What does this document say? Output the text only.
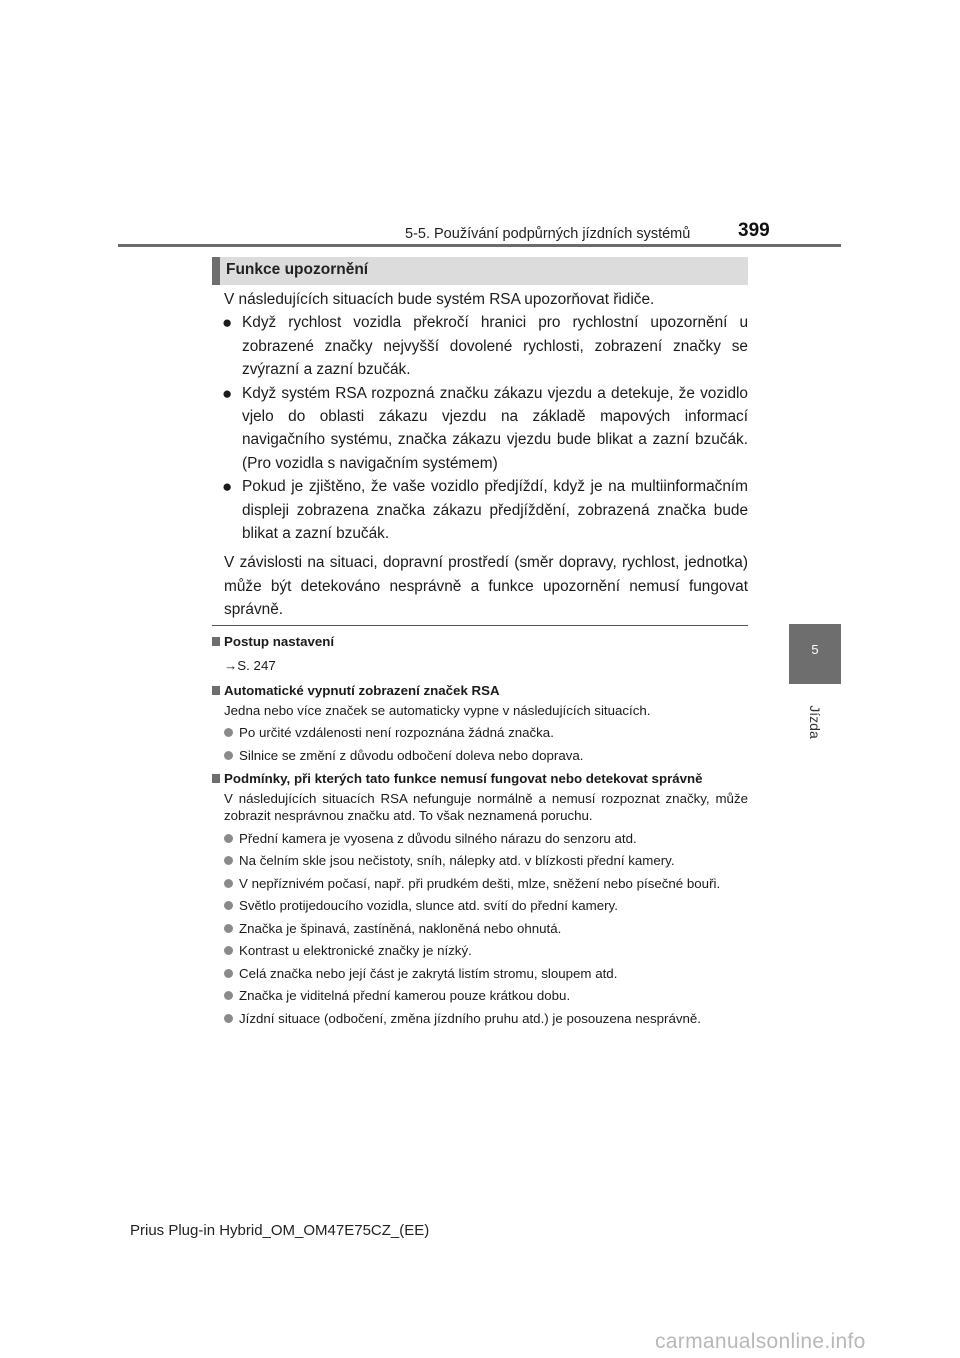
5-5. Používání podpůrných jízdních systémů	399
5
Jízda
Funkce upozornění

V následujících situacích bude systém RSA upozorňovat řidiče.

● Když rychlost vozidla překročí hranici pro rychlostní upozornění u zobrazené značky nejvyšší dovolené rychlosti, zobrazení značky se zvýrazní a zazní bzučák.

● Když systém RSA rozpozná značku zákazu vjezdu a detekuje, že vozidlo vjelo do oblasti zákazu vjezdu na základě mapových informací navigačního systému, značka zákazu vjezdu bude blikat a zazní bzučák. (Pro vozidla s navigačním systémem)

● Pokud je zjištěno, že vaše vozidlo předjíždí, když je na multiinformačním displeji zobrazena značka zákazu předjíždění, zobrazená značka bude blikat a zazní bzučák.

V závislosti na situaci, dopravní prostředí (směr dopravy, rychlost, jednotka) může být detekováno nesprávně a funkce upozornění nemusí fungovat správně.

Postup nastavení
→S. 247
Automatické vypnutí zobrazení značek RSA
Jedna nebo více značek se automaticky vypne v následujících situacích.
Po určité vzdálenosti není rozpoznána žádná značka.
Silnice se změní z důvodu odbočení doleva nebo doprava.
Podmínky, při kterých tato funkce nemusí fungovat nebo detekovat správně
V následujících situacích RSA nefunguje normálně a nemusí rozpoznat značky, může zobrazit nesprávnou značku atd. To však neznamená poruchu.
Přední kamera je vyosena z důvodu silného nárazu do senzoru atd.
Na čelním skle jsou nečistoty, sníh, nálepky atd. v blízkosti přední kamery.
V nepříznivém počasí, např. při prudkém dešti, mlze, sněžení nebo písečné bouři.
Světlo protijedoucího vozidla, slunce atd. svítí do přední kamery.
Značka je špinavá, zastíněná, nakloněná nebo ohnutá.
Kontrast u elektronické značky je nízký.
Celá značka nebo její část je zakrytá listím stromu, sloupem atd.
Značka je viditelná přední kamerou pouze krátkou dobu.
Jízdní situace (odbočení, změna jízdního pruhu atd.) je posouzena nesprávně.
Prius Plug-in Hybrid_OM_OM47E75CZ_(EE)
carmanualsonline.info
